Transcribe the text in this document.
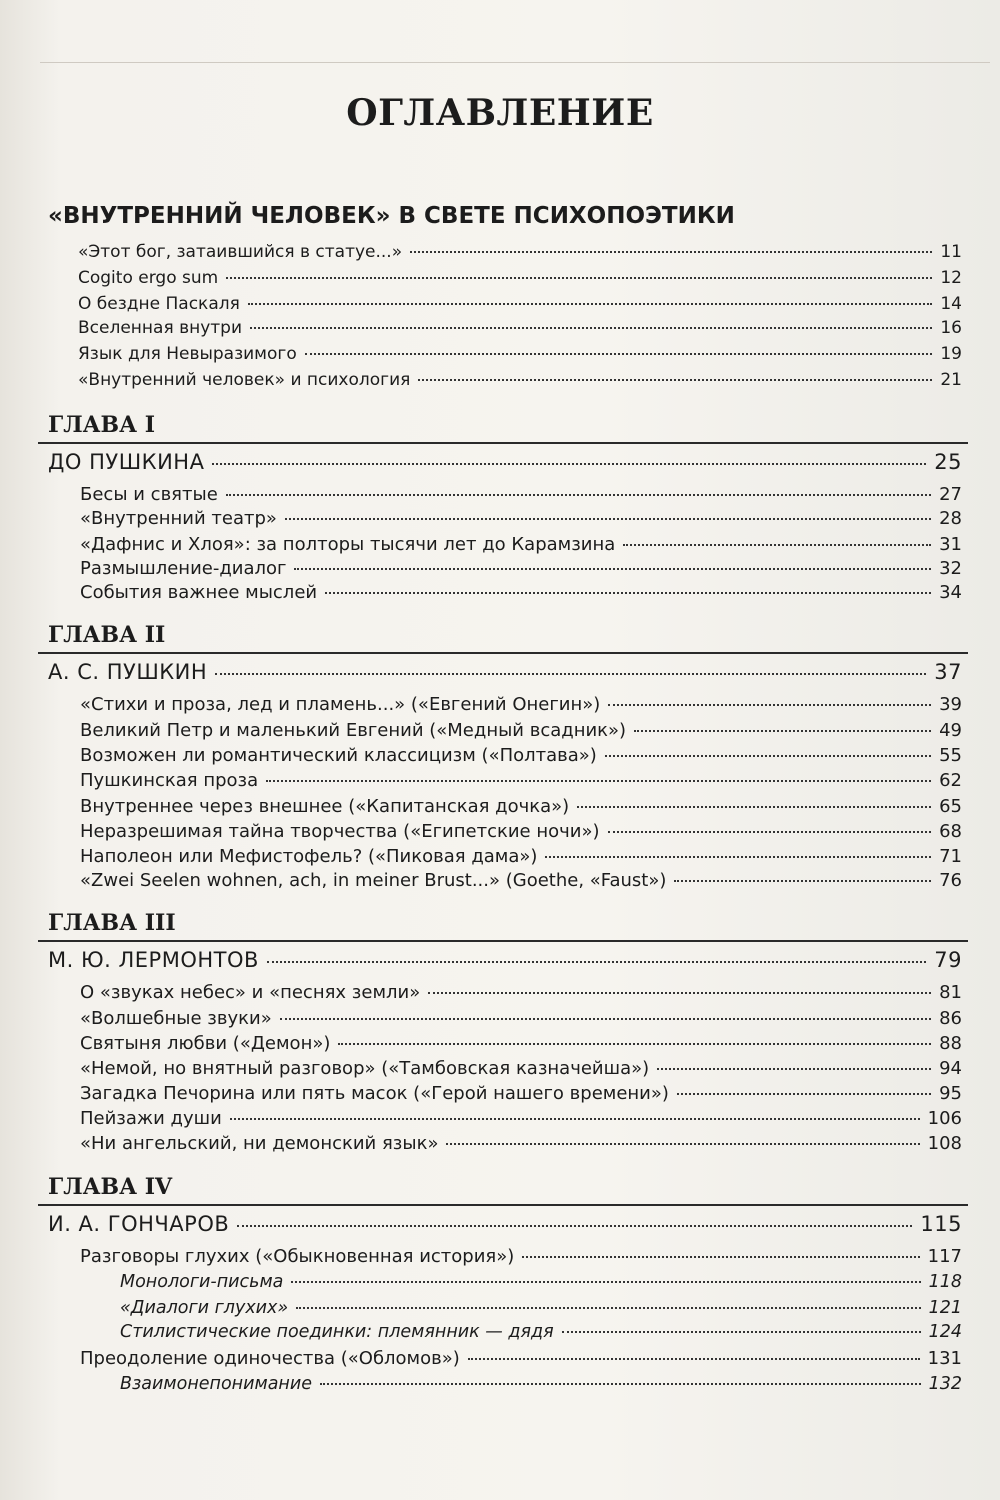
ОГЛАВЛЕНИЕ
«ВНУТРЕННИЙ ЧЕЛОВЕК» В СВЕТЕ ПСИХОПОЭТИКИ
«Этот бог, затаившийся в статуе...»	11
Cogito ergo sum	12
О бездне Паскаля	14
Вселенная внутри	16
Язык для Невыразимого	19
«Внутренний человек» и психология	21
ГЛАВА I
ДО ПУШКИНА	25
Бесы и святые	27
«Внутренний театр»	28
«Дафнис и Хлоя»: за полторы тысячи лет до Карамзина	31
Размышление-диалог	32
События важнее мыслей	34
ГЛАВА II
А. С. ПУШКИН	37
«Стихи и проза, лед и пламень...» («Евгений Онегин»)	39
Великий Петр и маленький Евгений («Медный всадник»)	49
Возможен ли романтический классицизм («Полтава»)	55
Пушкинская проза	62
Внутреннее через внешнее («Капитанская дочка»)	65
Неразрешимая тайна творчества («Египетские ночи»)	68
Наполеон или Мефистофель? («Пиковая дама»)	71
«Zwei Seelen wohnen, ach, in meiner Brust...» (Goethe, «Faust»)	76
ГЛАВА III
М. Ю. ЛЕРМОНТОВ	79
О «звуках небес» и «песнях земли»	81
«Волшебные звуки»	86
Святыня любви («Демон»)	88
«Немой, но внятный разговор» («Тамбовская казначейша»)	94
Загадка Печорина или пять масок («Герой нашего времени»)	95
Пейзажи души	106
«Ни ангельский, ни демонский язык»	108
ГЛАВА IV
И. А. ГОНЧАРОВ	115
Разговоры глухих («Обыкновенная история»)	117
Монологи-письма	118
«Диалоги глухих»	121
Стилистические поединки: племянник — дядя	124
Преодоление одиночества («Обломов»)	131
Взаимонепонимание	132
